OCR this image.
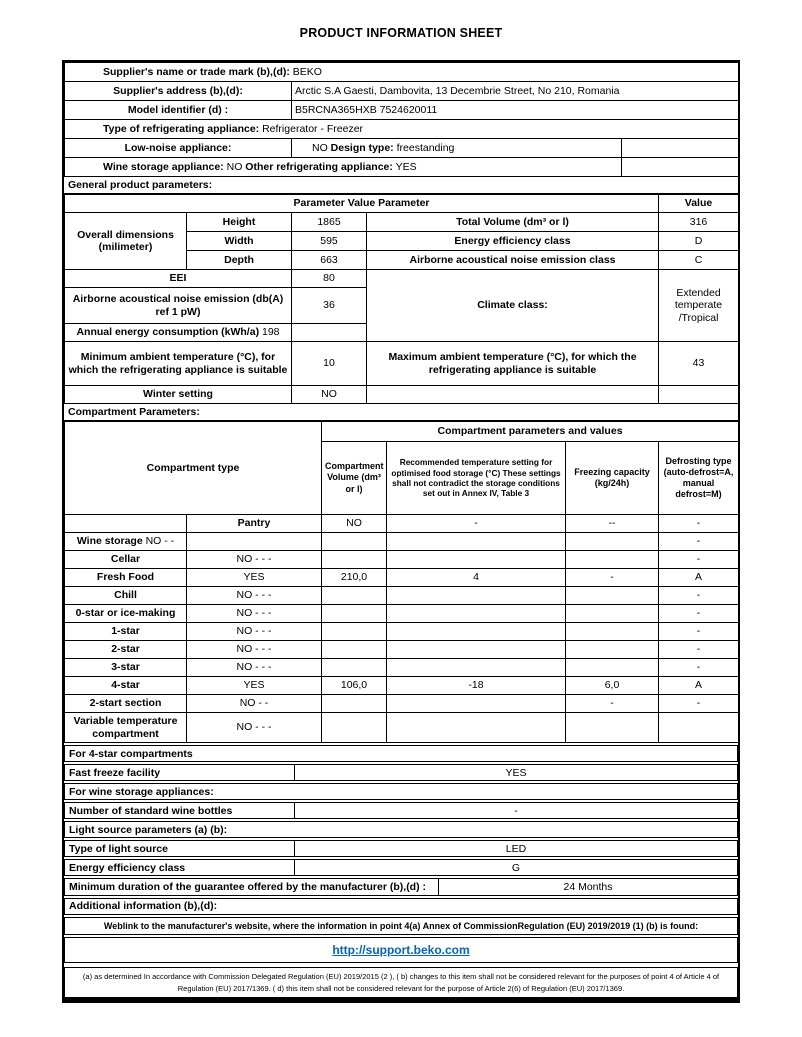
PRODUCT INFORMATION SHEET
Supplier's name or trade mark (b),(d): BEKO		
Supplier's address (b),(d):	Arctic S.A Gaesti, Dambovita, 13 Decembrie Street, No 210, Romania	
Model identifier (d) :	B5RCNA365HXB 7524620011	
Type of refrigerating appliance: Refrigerator - Freezer		
Low-noise appliance:	NO Design type: freestanding	
Wine storage appliance: NO Other refrigerating appliance: YES		
General product parameters:
Parameter Value Parameter				Value
Overall dimensions (milimeter)	Height	1865	Total Volume (dm³ or l)	316
	Width	595	Energy efficiency class	D
	Depth	663	Airborne acoustical noise emission class	C
EEI		80	Climate class:	Extended temperate /Tropical
Airborne acoustical noise emission (db(A) ref 1 pW)		36		
Annual energy consumption (kWh/a) 198				
Minimum ambient temperature (°C), for which the refrigerating appliance is suitable		10	Maximum ambient temperature (°C), for which the refrigerating appliance is suitable	43
Winter setting		NO		
Compartment Parameters:
Compartment type		Compartment parameters and values			
		Compartment Volume (dm³ or l)	Recommended temperature setting for optimised food storage (°C) These settings shall not contradict the storage conditions set out in Annex IV, Table 3	Freezing capacity (kg/24h)	Defrosting type (auto-defrost=A, manual defrost=M)
	Pantry	NO	-	--	-
Wine storage NO - -					-
Cellar	NO - - -				-
Fresh Food	YES	210,0	4	-	A
Chill	NO - - -				-
0-star or ice-making	NO - - -				-
1-star	NO - - -				-
2-star	NO - - -				-
3-star	NO - - -				-
4-star	YES	106,0	-18	6,0	A
2-start section	NO - -			-	-
Variable temperature compartment	NO - - -				
For 4-star compartments
Fast freeze facility	YES
For wine storage appliances:
Number of standard wine bottles	-
Light source parameters (a) (b):
Type of light source	LED
Energy efficiency class	G
Minimum duration of the guarantee offered by the manufacturer (b),(d) :	24 Months
Additional information (b),(d):
Weblink to the manufacturer's website, where the information in point 4(a) Annex of CommissionRegulation (EU) 2019/2019 (1) (b) is found:
http://support.beko.com
(a) as determined In accordance with Commission Delegated Regulation (EU) 2019/2015 (2 ), ( b) changes to this item shall not be considered relevant for the purposes of point 4 of Article 4 of Regulation (EU) 2017/1369. ( d) this item shall not be considered relevant for the purpose of Article 2(6) of Regulation (EU) 2017/1369.
